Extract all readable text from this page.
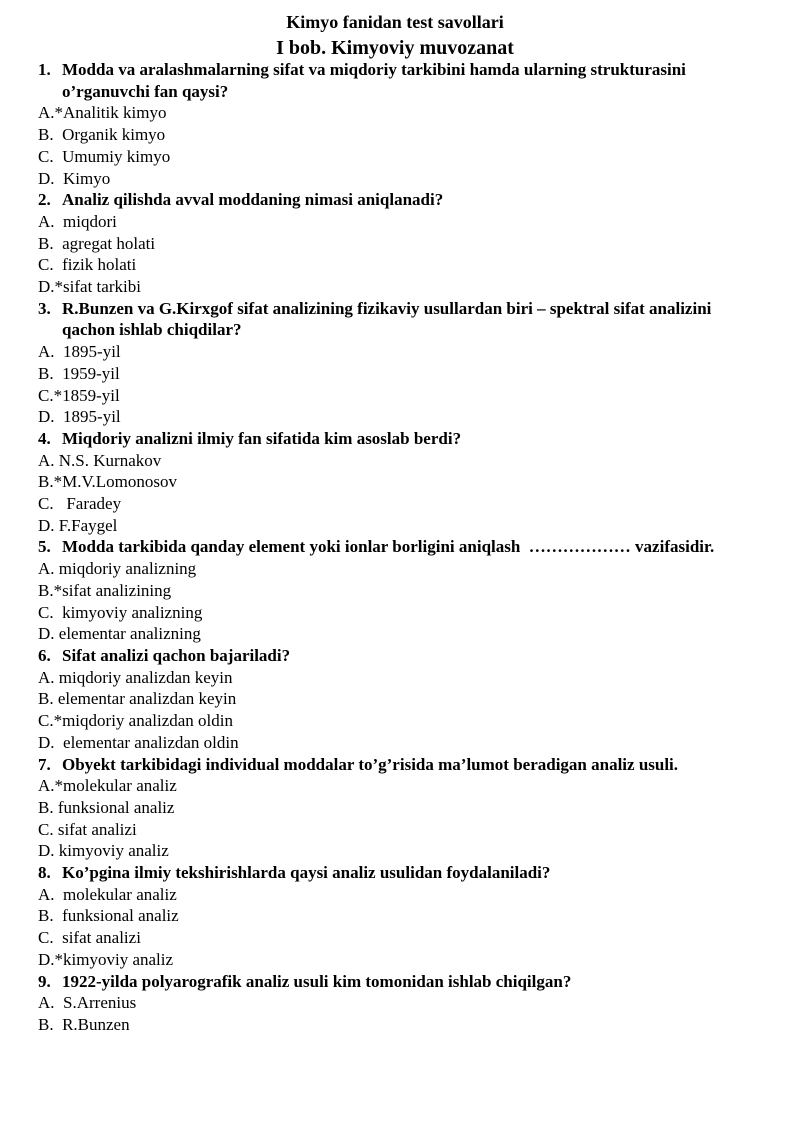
Kimyo fanidan test savollari
I bob. Kimyoviy muvozanat
1. Modda va aralashmalarning sifat va miqdoriy tarkibini hamda ularning strukturasini o’rganuvchi fan qaysi?
A.*Analitik kimyo
B.  Organik kimyo
C.  Umumiy kimyo
D.  Kimyo
2. Analiz qilishda avval moddaning nimasi aniqlanadi?
A.  miqdori
B.  agregat holati
C.  fizik holati
D.*sifat tarkibi
3. R.Bunzen va G.Kirxgof sifat analizining fizikaviy usullardan biri – spektral sifat analizini qachon ishlab chiqdilar?
A.  1895-yil
B.  1959-yil
C.*1859-yil
D.  1895-yil
4. Miqdoriy analizni ilmiy fan sifatida kim asoslab berdi?
A. N.S. Kurnakov
B.*M.V.Lomonosov
C.   Faradey
D. F.Faygel
5. Modda tarkibida qanday element yoki ionlar borligini aniqlash  ……………… vazifasidir.
A. miqdoriy analizning
B.*sifat analizining
C.  kimyoviy analizning
D. elementar analizning
6. Sifat analizi qachon bajariladi?
A. miqdoriy analizdan keyin
B. elementar analizdan keyin
C.*miqdoriy analizdan oldin
D.  elementar analizdan oldin
7. Obyekt tarkibidagi individual moddalar to’g’risida ma’lumot beradigan analiz usuli.
A.*molekular analiz
B. funksional analiz
C. sifat analizi
D. kimyoviy analiz
8. Ko’pgina ilmiy tekshirishlarda qaysi analiz usulidan foydalaniladi?
A.  molekular analiz
B.  funksional analiz
C.  sifat analizi
D.*kimyoviy analiz
9. 1922-yilda polyarografik analiz usuli kim tomonidan ishlab chiqilgan?
A.  S.Arrenius
B.  R.Bunzen
